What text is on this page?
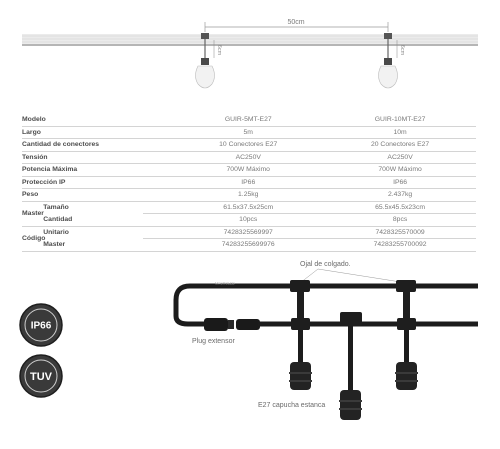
50cm
6cm	6cm
Modelo		GUIR-5MT-E27	GUIR-10MT-E27
Largo		5m	10m
Cantidad de conectores		10 Conectores E27	20 Conectores E27
Tensión		AC250V	AC250V
Potencia Máxima		700W Máximo	700W Máximo
Protección IP		IP66	IP66
Peso		1.25kg	2.437kg
Master	Tamaño	61.5x37.5x25cm	65.5x45.5x23cm
Cantidad	10pcs	8pcs
Código	Unitario	7428325569997	7428325570009
Master	74283255699976	74283255700092
IP66
TUV
Ojal de colgado.
Plug extensor
E27 capucha estanca
MACROLED
